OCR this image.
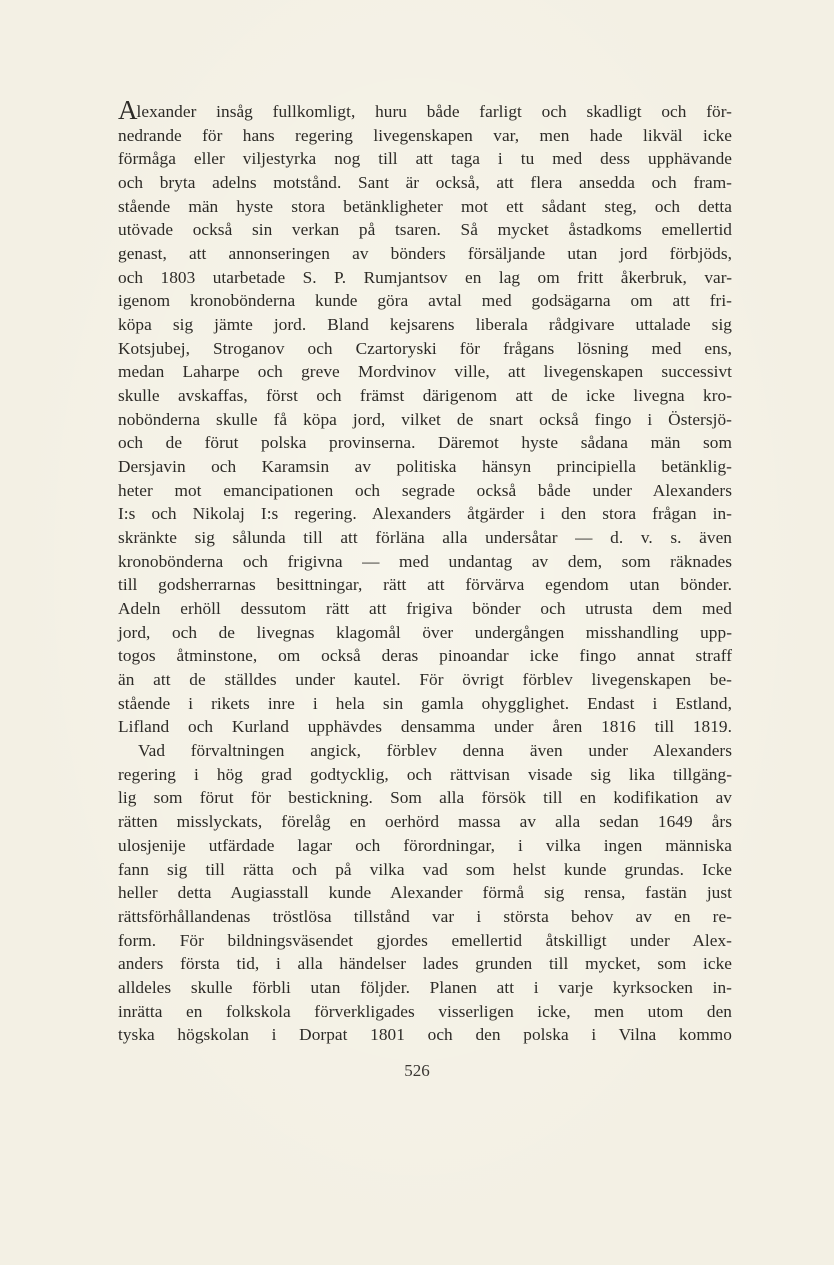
Alexander insåg fullkomligt, huru både farligt och skadligt och för-
nedrande för hans regering livegenskapen var, men hade likväl icke
förmåga eller viljestyrka nog till att taga i tu med dess upphävande
och bryta adelns motstånd. Sant är också, att flera ansedda och fram-
stående män hyste stora betänkligheter mot ett sådant steg, och detta
utövade också sin verkan på tsaren. Så mycket åstadkoms emellertid
genast, att annonseringen av bönders försäljande utan jord förbjöds,
och 1803 utarbetade S. P. Rumjantsov en lag om fritt åkerbruk, var-
igenom kronobönderna kunde göra avtal med godsägarna om att fri-
köpa sig jämte jord. Bland kejsarens liberala rådgivare uttalade sig
Kotsjubej, Stroganov och Czartoryski för frågans lösning med ens,
medan Laharpe och greve Mordvinov ville, att livegenskapen successivt
skulle avskaffas, först och främst därigenom att de icke livegna kro-
nobönderna skulle få köpa jord, vilket de snart också fingo i Östersjö-
och de förut polska provinserna. Däremot hyste sådana män som
Dersjavin och Karamsin av politiska hänsyn principiella betänklig-
heter mot emancipationen och segrade också både under Alexanders
I:s och Nikolaj I:s regering. Alexanders åtgärder i den stora frågan in-
skränkte sig sålunda till att förläna alla undersåtar — d. v. s. även
kronobönderna och frigivna — med undantag av dem, som räknades
till godsherrarnas besittningar, rätt att förvärva egendom utan bönder.
Adeln erhöll dessutom rätt att frigiva bönder och utrusta dem med
jord, och de livegnas klagomål över undergången misshandling upp-
togos åtminstone, om också deras pinoandar icke fingo annat straff
än att de ställdes under kautel. För övrigt förblev livegenskapen be-
stående i rikets inre i hela sin gamla ohygglighet. Endast i Estland,
Lifland och Kurland upphävdes densamma under åren 1816 till 1819.
Vad förvaltningen angick, förblev denna även under Alexanders
regering i hög grad godtycklig, och rättvisan visade sig lika tillgäng-
lig som förut för bestickning. Som alla försök till en kodifikation av
rätten misslyckats, förelåg en oerhörd massa av alla sedan 1649 års
ulosjenije utfärdade lagar och förordningar, i vilka ingen människa
fann sig till rätta och på vilka vad som helst kunde grundas. Icke
heller detta Augiasstall kunde Alexander förmå sig rensa, fastän just
rättsförhållandenas tröstlösa tillstånd var i största behov av en re-
form. För bildningsväsendet gjordes emellertid åtskilligt under Alex-
anders första tid, i alla händelser lades grunden till mycket, som icke
alldeles skulle förbli utan följder. Planen att i varje kyrksocken in-
inrätta en folkskola förverkligades visserligen icke, men utom den
tyska högskolan i Dorpat 1801 och den polska i Vilna kommo
526
